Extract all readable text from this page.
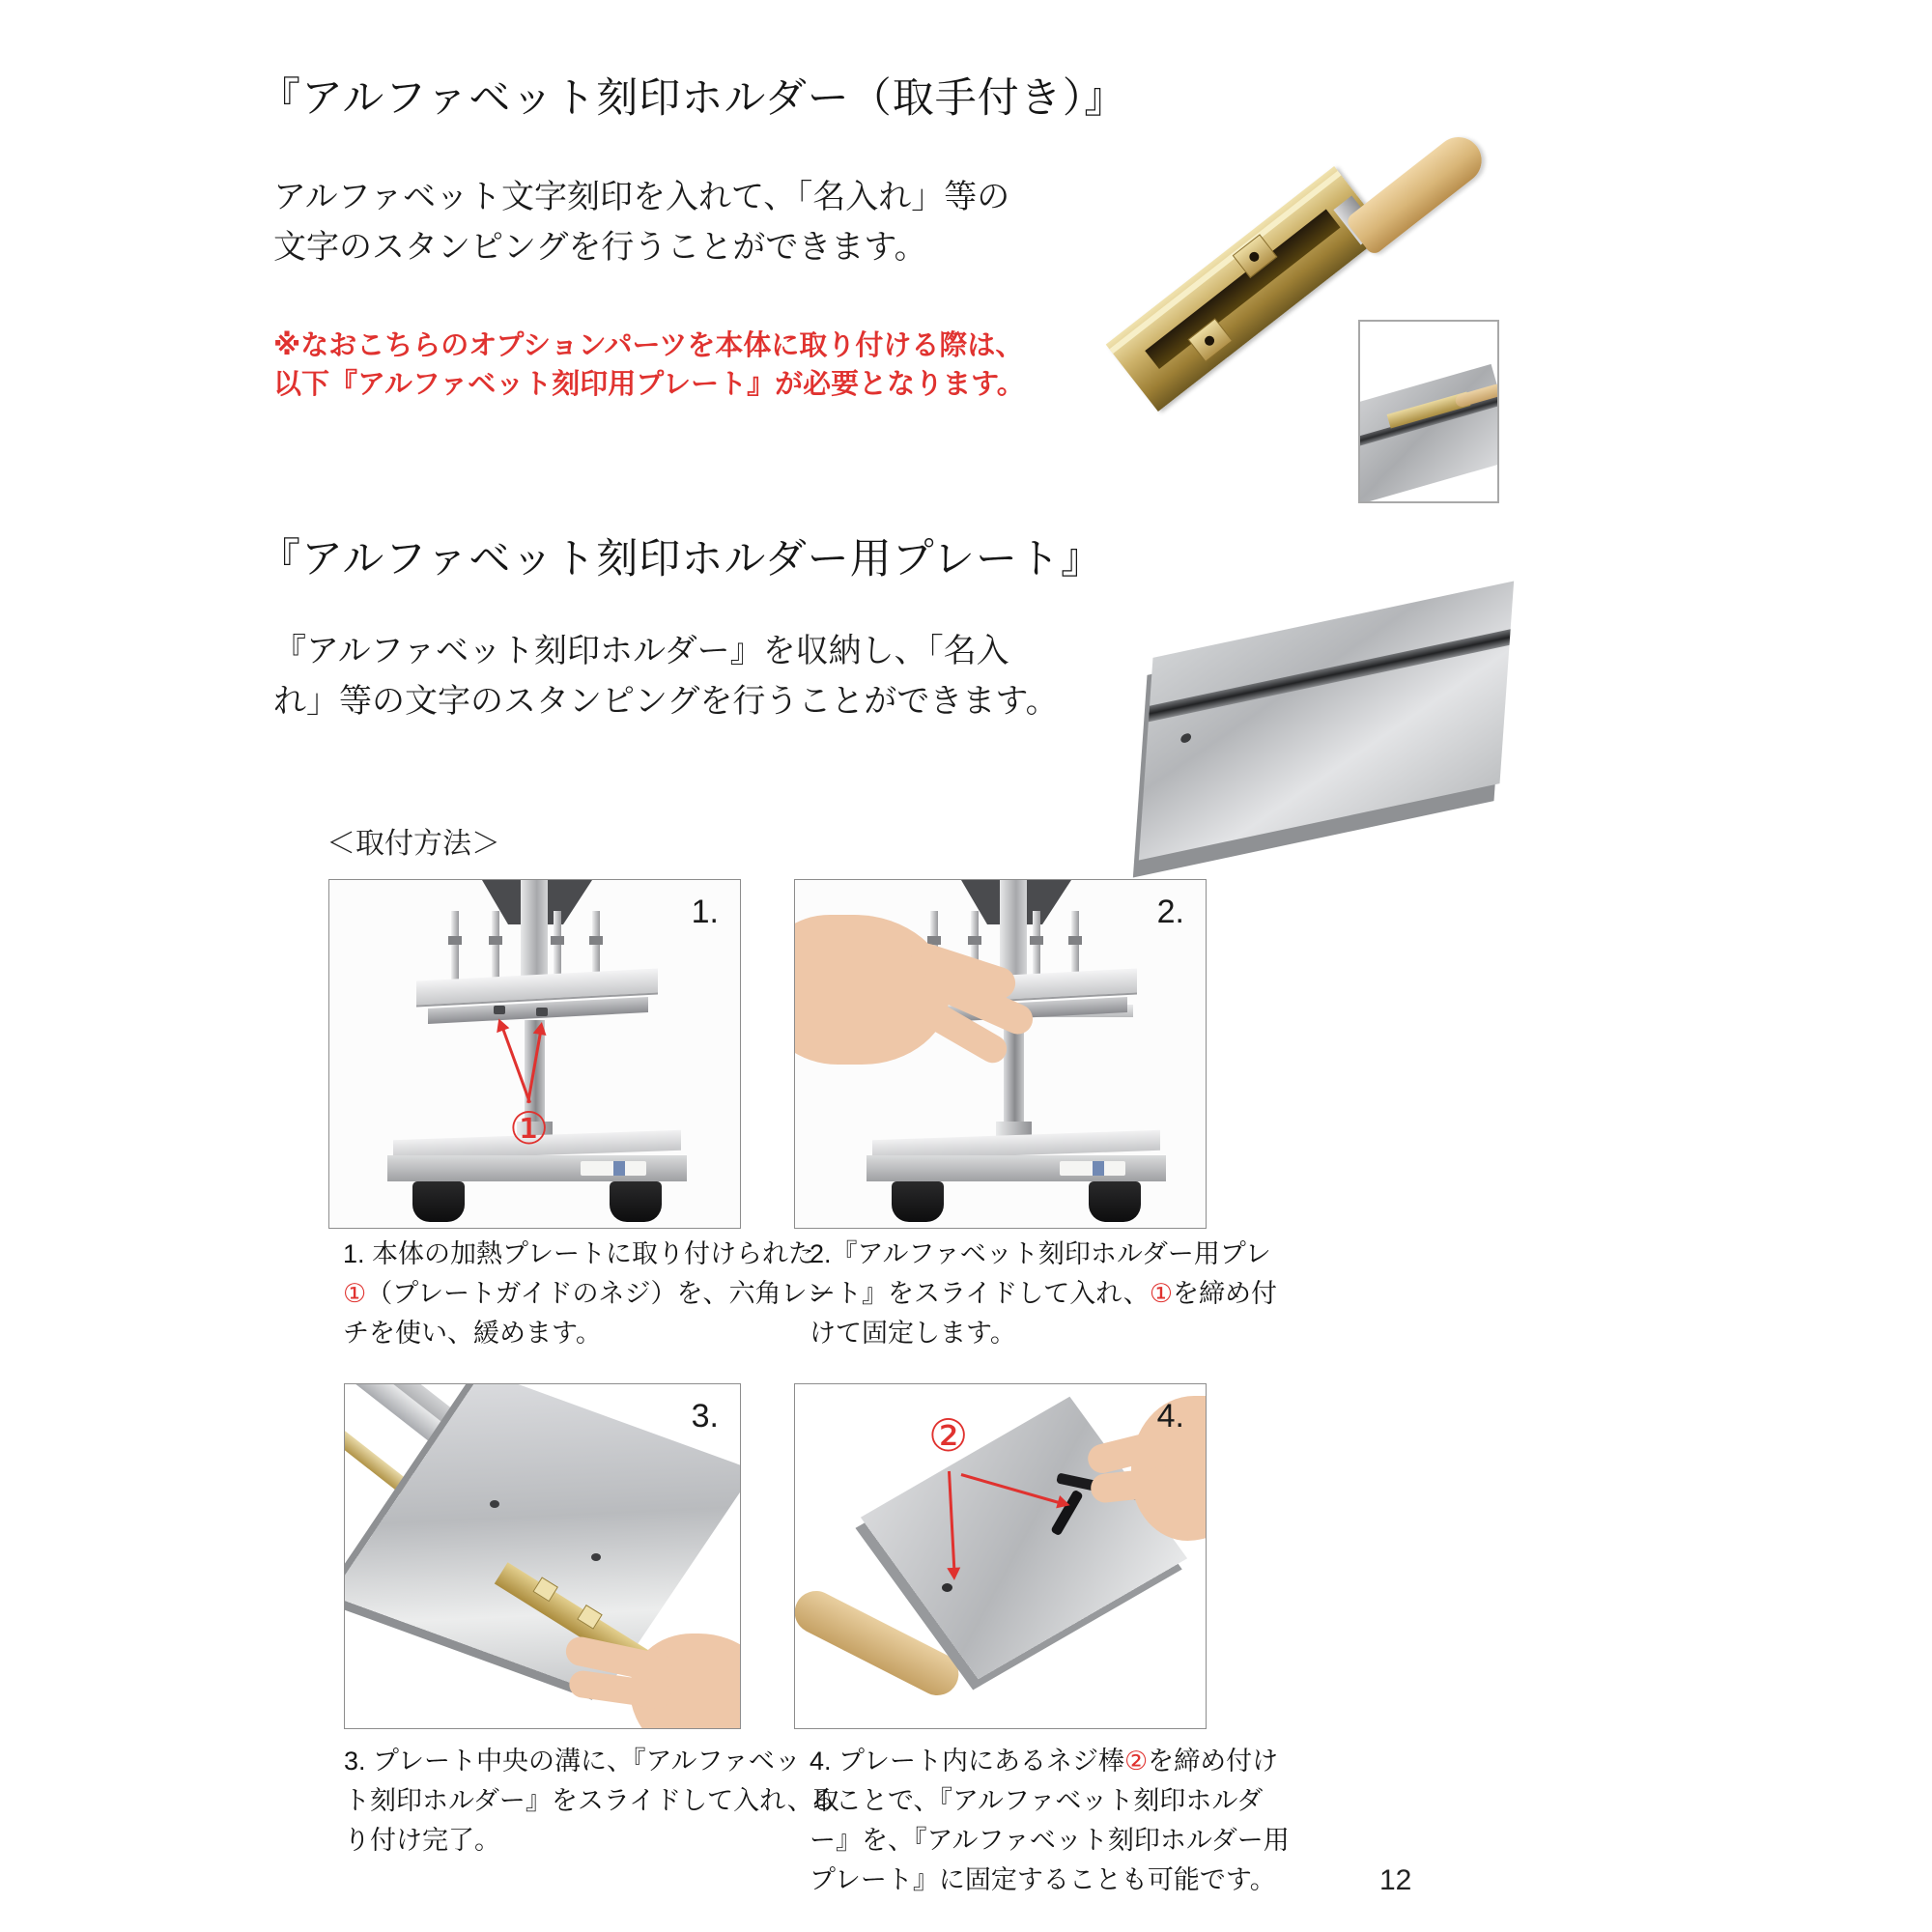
『アルファベット刻印ホルダー（取手付き）』
アルファベット文字刻印を入れて、「名入れ」等の
文字のスタンピングを行うことができます。
※なおこちらのオプションパーツを本体に取り付ける際は、
以下『アルファベット刻印用プレート』が必要となります。
『アルファベット刻印ホルダー用プレート』
『アルファベット刻印ホルダー』を収納し、「名入
れ」等の文字のスタンピングを行うことができます。
＜取付方法＞
①
1.	2.
1. 本体の加熱プレートに取り付けられた
①（プレートガイドのネジ）を、六角レン
チを使い、緩めます。
2.『アルファベット刻印ホルダー用プレ
ート』をスライドして入れ、①を締め付
けて固定します。
3.	②	4.
3. プレート中央の溝に、『アルファベッ
ト刻印ホルダー』をスライドして入れ、取
り付け完了。
4. プレート内にあるネジ棒②を締め付け
ることで、『アルファベット刻印ホルダ
ー』を、『アルファベット刻印ホルダー用
プレート』に固定することも可能です。	12
